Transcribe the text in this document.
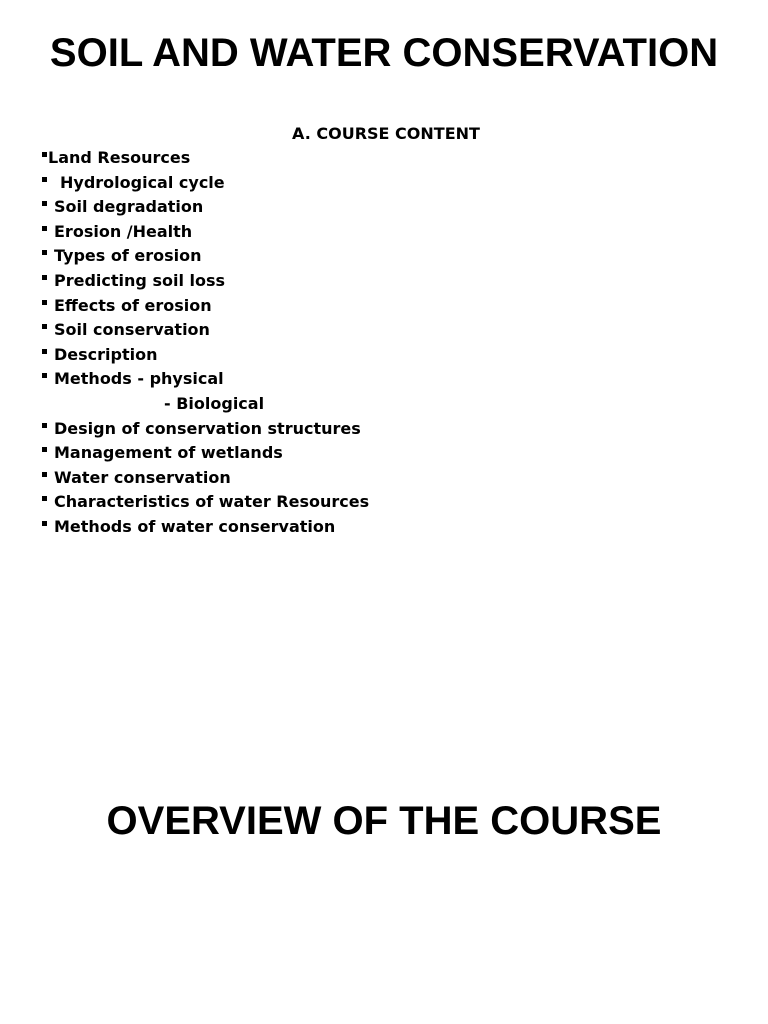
SOIL AND WATER CONSERVATION
A. COURSE CONTENT

Land Resources

Hydrological cycle

Soil degradation

Erosion /Health

Types of erosion

Predicting soil loss

Effects of erosion

Soil conservation

Description

Methods - physical

- Biological

Design of conservation structures

Management of wetlands

Water conservation

Characteristics of water Resources

Methods of water conservation

OVERVIEW OF THE COURSE
